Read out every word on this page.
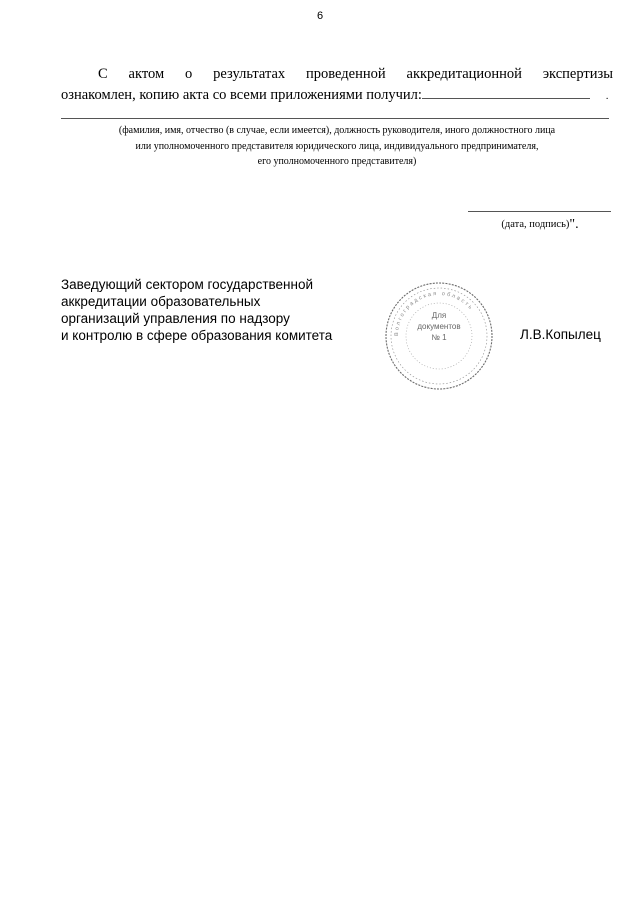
6
С актом о результатах проведенной аккредитационной экспертизы
ознакомлен, копию акта со всеми приложениями получил:	.
(фамилия, имя, отчество (в случае, если имеется), должность руководителя, иного должностного лица
или уполномоченного представителя юридического лица, индивидуального предпринимателя,
его уполномоченного представителя)
(дата, подпись)".
Заведующий сектором государственной
аккредитации образовательных
организаций управления по надзору
и контролю в сфере образования комитета	Л.В.Копылец
Волгоградская область
Для
документов
№ 1
